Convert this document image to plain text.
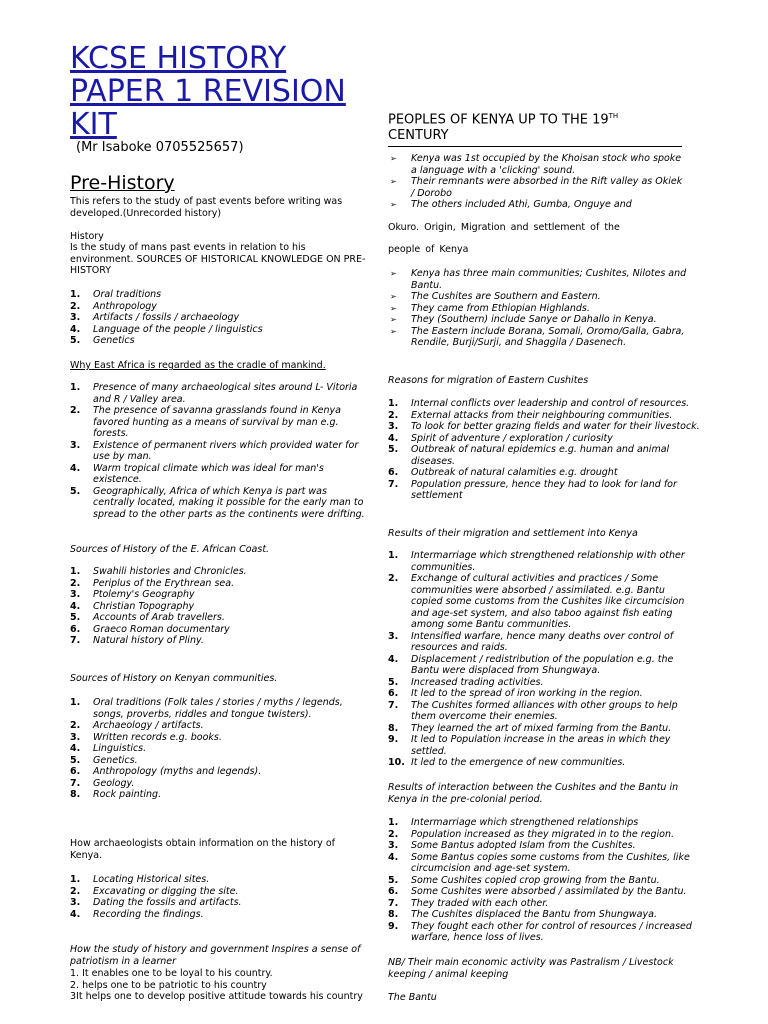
KCSE HISTORY PAPER 1 REVISION KIT
(Mr Isaboke 0705525657)
Pre-History
This refers to the study of past events before writing was developed.(Unrecorded history)
History
Is the study of mans past events in relation to his environment. SOURCES OF HISTORICAL KNOWLEDGE ON PRE-HISTORY
1. Oral traditions
2. Anthropology
3. Artifacts / fossils / archaeology
4. Language of the people / linguistics
5. Genetics
Why East Africa is regarded as the cradle of mankind.
1. Presence of many archaeological sites around L- Vitoria and R / Valley area.
2. The presence of savanna grasslands found in Kenya favored hunting as a means of survival by man e.g. forests.
3. Existence of permanent rivers which provided water for use by man.
4. Warm tropical climate which was ideal for man's existence.
5. Geographically, Africa of which Kenya is part was centrally located, making it possible for the early man to spread to the other parts as the continents were drifting.
Sources of History of the E. African Coast.
1. Swahili histories and Chronicles.
2. Periplus of the Erythrean sea.
3. Ptolemy's Geography
4. Christian Topography
5. Accounts of Arab travellers.
6. Graeco Roman documentary
7. Natural history of Pliny.
Sources of History on Kenyan communities.
1. Oral traditions (Folk tales / stories / myths / legends, songs, proverbs, riddles and tongue twisters).
2. Archaeology / artifacts.
3. Written records e.g. books.
4. Linguistics.
5. Genetics.
6. Anthropology (myths and legends).
7. Geology.
8. Rock painting.
How archaeologists obtain information on the history of Kenya.
1. Locating Historical sites.
2. Excavating or digging the site.
3. Dating the fossils and artifacts.
4. Recording the findings.
How the study of history and government Inspires a sense of patriotism in a learner
1. It enables one to be loyal to his country.
2. helps one to be patriotic to his country
3It helps one to develop positive attitude towards his country
PEOPLES OF KENYA UP TO THE 19TH CENTURY
➢ Kenya was 1st occupied by the Khoisan stock who spoke a language with a 'clicking' sound.
➢ Their remnants were absorbed in the Rift valley as Okiek / Dorobo
➢ The others included Athi, Gumba, Onguye and
Okuro. Origin, Migration and settlement of the
people of Kenya
➢ Kenya has three main communities; Cushites, Nilotes and Bantu.
➢ The Cushites are Southern and Eastern.
➢ They came from Ethiopian Highlands.
➢ They (Southern) include Sanye or Dahallo in Kenya.
➢ The Eastern include Borana, Somali, Oromo/Galla, Gabra, Rendile, Burji/Surji, and Shaggila / Dasenech.
Reasons for migration of Eastern Cushites
1. Internal conflicts over leadership and control of resources.
2. External attacks from their neighbouring communities.
3. To look for better grazing fields and water for their livestock.
4. Spirit of adventure / exploration / curiosity
5. Outbreak of natural epidemics e.g. human and animal diseases.
6. Outbreak of natural calamities e.g. drought
7. Population pressure, hence they had to look for land for settlement
Results of their migration and settlement into Kenya
1. Intermarriage which strengthened relationship with other communities.
2. Exchange of cultural activities and practices / Some communities were absorbed / assimilated. e.g. Bantu copied some customs from the Cushites like circumcision and age-set system, and also taboo against fish eating among some Bantu communities.
3. Intensified warfare, hence many deaths over control of resources and raids.
4. Displacement / redistribution of the population e.g. the Bantu were displaced from Shungwaya.
5. Increased trading activities.
6. It led to the spread of iron working in the region.
7. The Cushites formed alliances with other groups to help them overcome their enemies.
8. They learned the art of mixed farming from the Bantu.
9. It led to Population increase in the areas in which they settled.
10. It led to the emergence of new communities.
Results of interaction between the Cushites and the Bantu in Kenya in the pre-colonial period.
1. Intermarriage which strengthened relationships
2. Population increased as they migrated in to the region.
3. Some Bantus adopted Islam from the Cushites.
4. Some Bantus copies some customs from the Cushites, like circumcision and age-set system.
5. Some Cushites copied crop growing from the Bantu.
6. Some Cushites were absorbed / assimilated by the Bantu.
7. They traded with each other.
8. The Cushites displaced the Bantu from Shungwaya.
9. They fought each other for control of resources / increased warfare, hence loss of lives.
NB/ Their main economic activity was Pastralism / Livestock keeping / animal keeping
The Bantu
